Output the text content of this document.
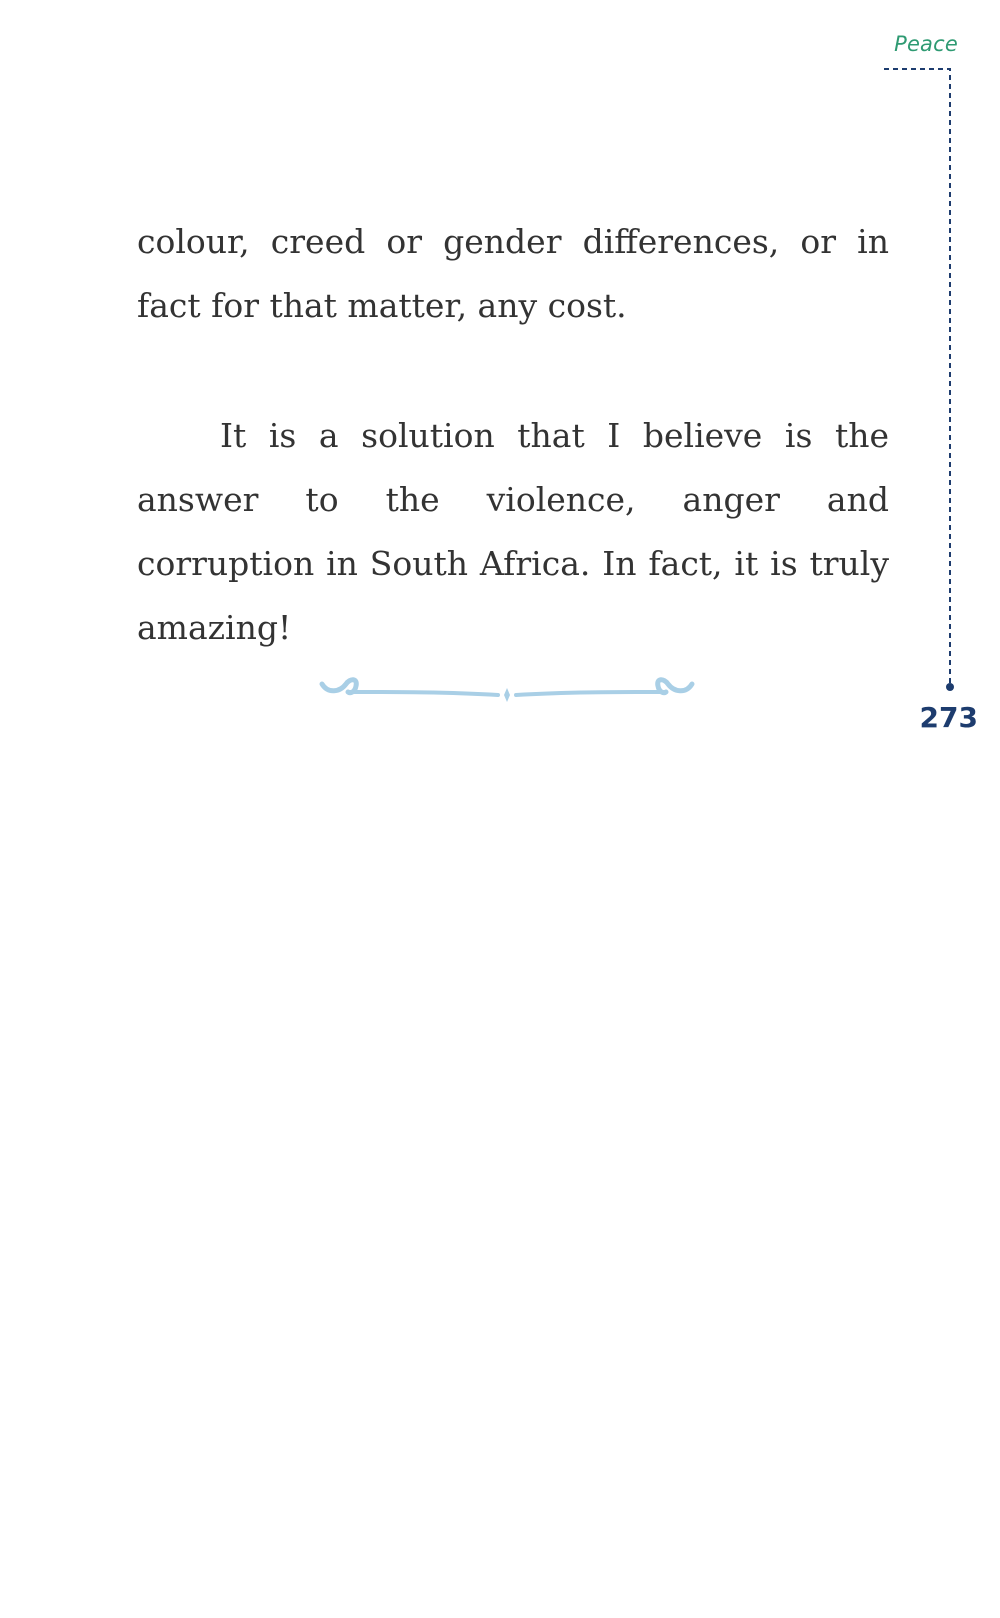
Peace
273

colour, creed or gender differences, or in fact for that matter, any cost.

It is a solution that I believe is the answer to the violence, anger and corruption in South Africa. In fact, it is truly amazing!
